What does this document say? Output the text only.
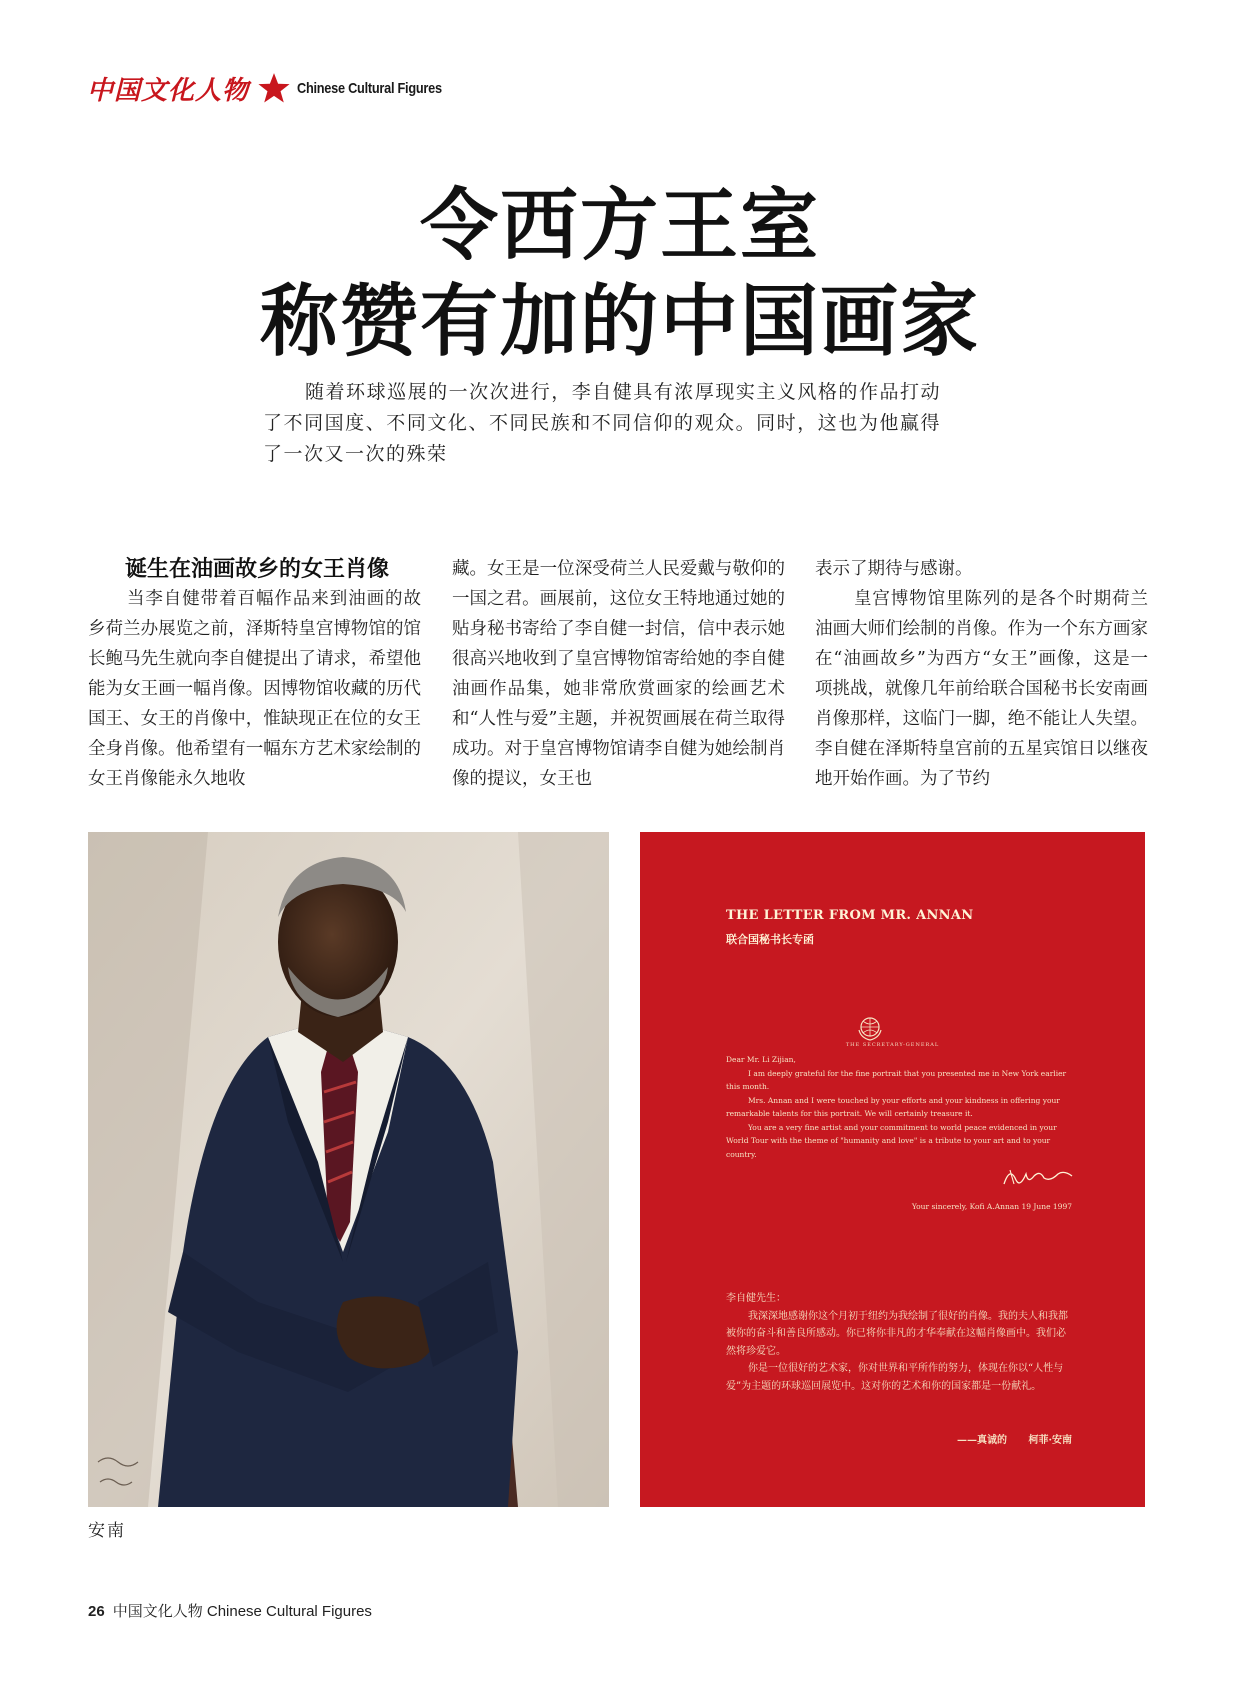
中国文化人物	Chinese Cultural Figures
令西方王室
称赞有加的中国画家
随着环球巡展的一次次进行，李自健具有浓厚现实主义风格的作品打动了不同国度、不同文化、不同民族和不同信仰的观众。同时，这也为他赢得了一次又一次的殊荣
诞生在油画故乡的女王肖像

当李自健带着百幅作品来到油画的故乡荷兰办展览之前，泽斯特皇宫博物馆的馆长鲍马先生就向李自健提出了请求，希望他能为女王画一幅肖像。因博物馆收藏的历代国王、女王的肖像中，惟缺现正在位的女王全身肖像。他希望有一幅东方艺术家绘制的女王肖像能永久地收

藏。女王是一位深受荷兰人民爱戴与敬仰的一国之君。画展前，这位女王特地通过她的贴身秘书寄给了李自健一封信，信中表示她很高兴地收到了皇宫博物馆寄给她的李自健油画作品集，她非常欣赏画家的绘画艺术和“人性与爱”主题，并祝贺画展在荷兰取得成功。对于皇宫博物馆请李自健为她绘制肖像的提议，女王也

表示了期待与感谢。

皇宫博物馆里陈列的是各个时期荷兰油画大师们绘制的肖像。作为一个东方画家在“油画故乡”为西方“女王”画像，这是一项挑战，就像几年前给联合国秘书长安南画肖像那样，这临门一脚，绝不能让人失望。李自健在泽斯特皇宫前的五星宾馆日以继夜地开始作画。为了节约

安南
THE LETTER FROM MR. ANNAN
联合国秘书长专函
THE SECRETARY-GENERAL

Dear Mr. Li Zijian,

I am deeply grateful for the fine portrait that you presented me in New York earlier this month.

Mrs. Annan and I were touched by your efforts and your kindness in offering your remarkable talents for this portrait. We will certainly treasure it.

You are a very fine artist and your commitment to world peace evidenced in your World Tour with the theme of "humanity and love" is a tribute to your art and to your country.

Your sincerely, Kofi A.Annan 19 June 1997

李自健先生：

我深深地感谢你这个月初于纽约为我绘制了很好的肖像。我的夫人和我都被你的奋斗和善良所感动。你已将你非凡的才华奉献在这幅肖像画中。我们必然将珍爱它。

你是一位很好的艺术家，你对世界和平所作的努力，体现在你以“人性与爱”为主题的环球巡回展览中。这对你的艺术和你的国家都是一份献礼。

——真诚的 柯菲·安南
26 中国文化人物 Chinese Cultural Figures
